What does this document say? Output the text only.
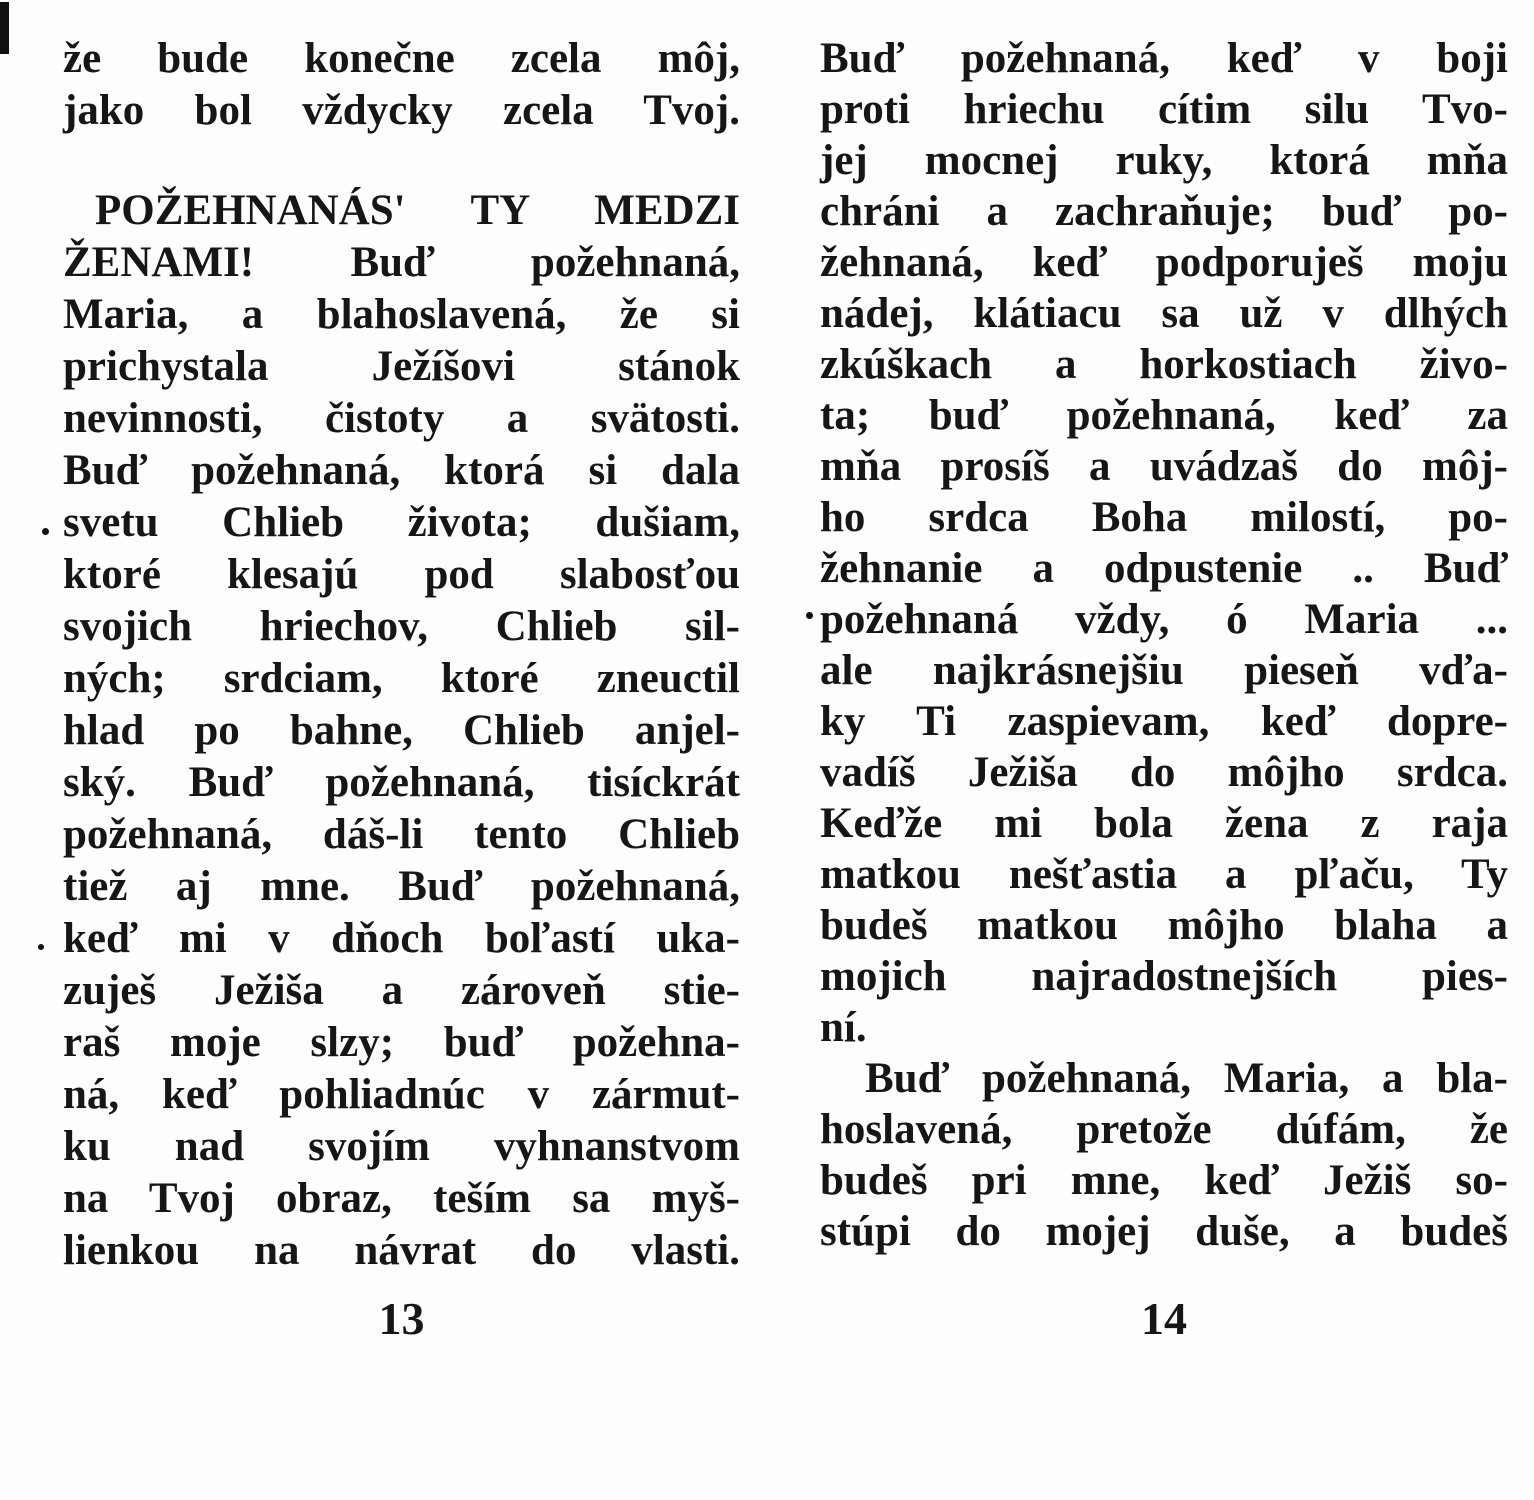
že bude konečne zcela môj,
jako bol vždycky zcela Tvoj.
POŽEHNANÁS' TY MEDZI
ŽENAMI! Buď požehnaná,
Maria, a blahoslavená, že si
prichystala Ježíšovi stánok
nevinnosti, čistoty a svätosti.
Buď požehnaná, ktorá si dala
svetu Chlieb života; dušiam,
ktoré klesajú pod slabosťou
svojich hriechov, Chlieb sil-
ných; srdciam, ktoré zneuctil
hlad po bahne, Chlieb anjel-
ský. Buď požehnaná, tisíckrát
požehnaná, dáš-li tento Chlieb
tiež aj mne. Buď požehnaná,
keď mi v dňoch boľastí uka-
zuješ Ježiša a zároveň stie-
raš moje slzy; buď požehna-
ná, keď pohliadnúc v zármut-
ku nad svojím vyhnanstvom
na Tvoj obraz, teším sa myš-
lienkou na návrat do vlasti.
Buď požehnaná, keď v boji
proti hriechu cítim silu Tvo-
jej mocnej ruky, ktorá mňa
chráni a zachraňuje; buď po-
žehnaná, keď podporuješ moju
nádej, klátiacu sa už v dlhých
zkúškach a horkostiach živo-
ta; buď požehnaná, keď za
mňa prosíš a uvádzaš do môj-
ho srdca Boha milostí, po-
žehnanie a odpustenie .. Buď
požehnaná vždy, ó Maria ...
ale najkrásnejšiu pieseň vďa-
ky Ti zaspievam, keď dopre-
vadíš Ježiša do môjho srdca.
Keďže mi bola žena z raja
matkou nešťastia a pľaču, Ty
budeš matkou môjho blaha a
mojich najradostnejších pies-
ní.
Buď požehnaná, Maria, a bla-
hoslavená, pretože dúfám, že
budeš pri mne, keď Ježiš so-
stúpi do mojej duše, a budeš
13	14
